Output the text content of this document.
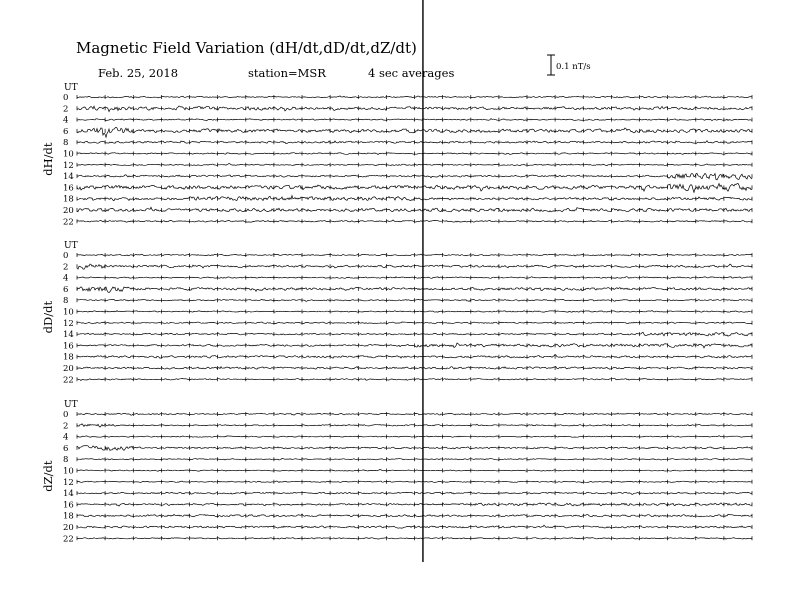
Magnetic Field Variation (dH/dt,dD/dt,dZ/dt)
Feb. 25, 2018	station=MSR	4 sec averages	0.1 nT/s
UT
dH/dt
0
2
4
6
8
10
12
14
16
18
20
22
UT
dD/dt
0
2
4
6
8
10
12
14
16
18
20
22
UT
dZ/dt
0
2
4
6
8
10
12
14
16
18
20
22
